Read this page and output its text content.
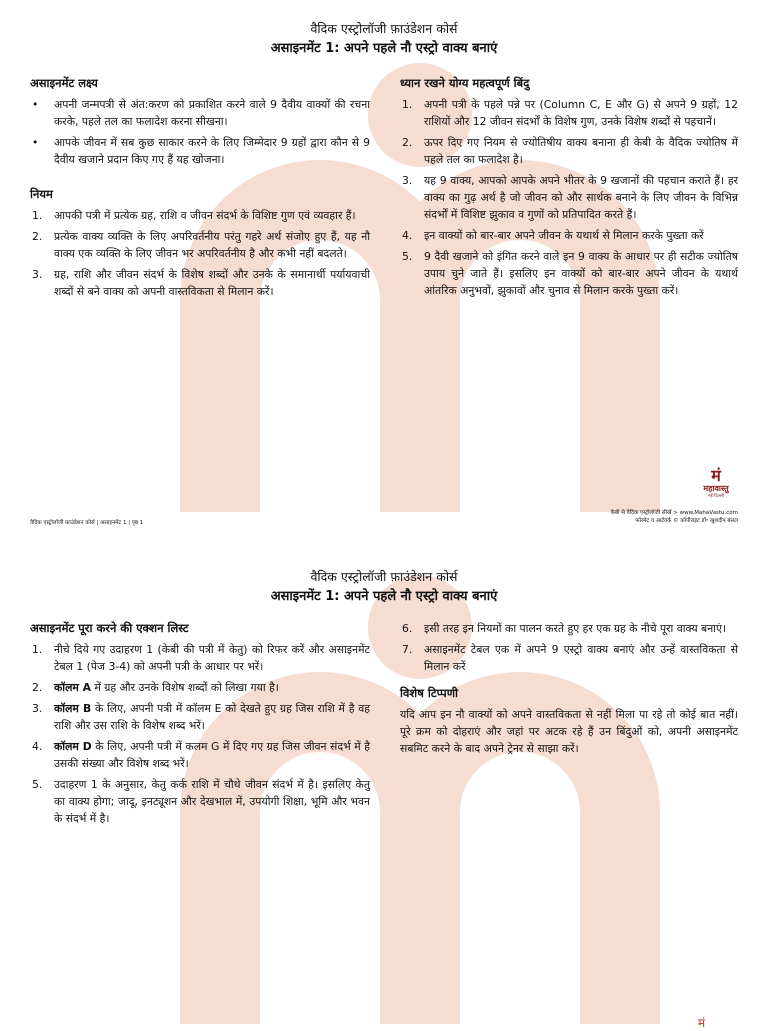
वैदिक एस्ट्रोलॉजी फ़ाउंडेशन कोर्स
असाइनमेंट 1: अपने पहले नौ एस्ट्रो वाक्य बनाएं
असाइनमेंट लक्ष्य
• अपनी जन्मपत्री से अंत:करण को प्रकाशित करने वाले 9 दैवीय वाक्यों की रचना करके, पहले तल का फलादेश करना सीखना।
• आपके जीवन में सब कुछ साकार करने के लिए जिम्मेदार 9 ग्रहों द्वारा कौन से 9 दैवीय खजाने प्रदान किए गए हैं यह खोजना।
नियम
1. आपकी पत्री में प्रत्येक ग्रह, राशि व जीवन संदर्भ के विशिष्ट गुण एवं व्यवहार हैं।
2. प्रत्येक वाक्य व्यक्ति के लिए अपरिवर्तनीय परंतु गहरे अर्थ संजोए हुए हैं, यह नौ वाक्य एक व्यक्ति के लिए जीवन भर अपरिवर्तनीय है और कभी नहीं बदलते।
3. ग्रह, राशि और जीवन संदर्भ के विशेष शब्दों और उनके के समानार्थी पर्यायवाची शब्दों से बने वाक्य को अपनी वास्तविकता से मिलान करें।
ध्यान रखने योग्य महत्वपूर्ण बिंदु
1. अपनी पत्री के पहले पन्ने पर (Column C, E और G) से अपने 9 ग्रहों, 12 राशियों और 12 जीवन संदर्भों के विशेष गुण, उनके विशेष शब्दों से पहचानें।
2. ऊपर दिए गए नियम से ज्योतिषीय वाक्य बनाना ही केबी के वैदिक ज्योतिष में पहले तल का फलादेश है।
3. यह 9 वाक्य, आपको आपके अपने भीतर के 9 खजानों की पहचान कराते हैं। हर वाक्य का गुढ़ अर्थ है जो जीवन को और सार्थक बनाने के लिए जीवन के विभिन्न संदर्भों में विशिष्ट झुकाव व गुणों को प्रतिपादित करते हैं।
4. इन वाक्यों को बार-बार अपने जीवन के यथार्थ से मिलान करके पुख्ता करें
5. 9 दैवी खजाने को इंगित करने वाले इन 9 वाक्य के आधार पर ही सटीक ज्योतिष उपाय चुने जाते हैं। इसलिए इन वाक्यों को बार-बार अपने जीवन के यथार्थ आंतरिक अनुभवों, झुकावों और चुनाव से मिलान करके पुख्ता करें।
मं
महावास्तु
नई दिल्ली
वैदिक एस्ट्रोलॉजी फ़ाउंडेशन कोर्स | असाइनमेंट 1 | पृष्ठ 1
केबी से वैदिक एस्ट्रोलॉजी सीखें > www.MahaVastu.com
फॉरमेट व आर्टवर्क © कॉपीराइट डॉ॰ खुशदीप बंसल
वैदिक एस्ट्रोलॉजी फ़ाउंडेशन कोर्स
असाइनमेंट 1: अपने पहले नौ एस्ट्रो वाक्य बनाएं
असाइनमेंट पूरा करने की एक्शन लिस्ट
1. नीचे दिये गए उदाहरण 1 (केबी की पत्री में केतु) को रिफर करें और असाइनमेंट टेबल 1 (पेज 3-4) को अपनी पत्री के आधार पर भरें।
2. कॉलम A में ग्रह और उनके विशेष शब्दों को लिखा गया है।
3. कॉलम B के लिए, अपनी पत्री में कॉलम E को देखते हुए ग्रह जिस राशि में है वह राशि और उस राशि के विशेष शब्द भरें।
4. कॉलम D के लिए, अपनी पत्री में कलम G में दिए गए ग्रह जिस जीवन संदर्भ में है उसकी संख्या और विशेष शब्द भरें।
5. उदाहरण 1 के अनुसार, केतु कर्क राशि में चौथे जीवन संदर्भ में है। इसलिए केतु का वाक्य होगा; जादू, इनट्यूशन और देखभाल में, उपयोगी शिक्षा, भूमि और भवन के संदर्भ में है।
6. इसी तरह इन नियमों का पालन करते हुए हर एक ग्रह के नीचे पूरा वाक्य बनाएं।
7. असाइनमेंट टेबल एक में अपने 9 एस्ट्रो वाक्य बनाएं और उन्हें वास्तविकता से मिलान करें
विशेष टिप्पणी
यदि आप इन नौ वाक्यों को अपने वास्तविकता से नहीं मिला पा रहे तो कोई बात नहीं। पूरे क्रम को दोहराएं और जहां पर अटक रहे हैं उन बिंदुओं को, अपनी असाइनमेंट सबमिट करने के बाद अपने ट्रेनर से साझा करें।
मं
